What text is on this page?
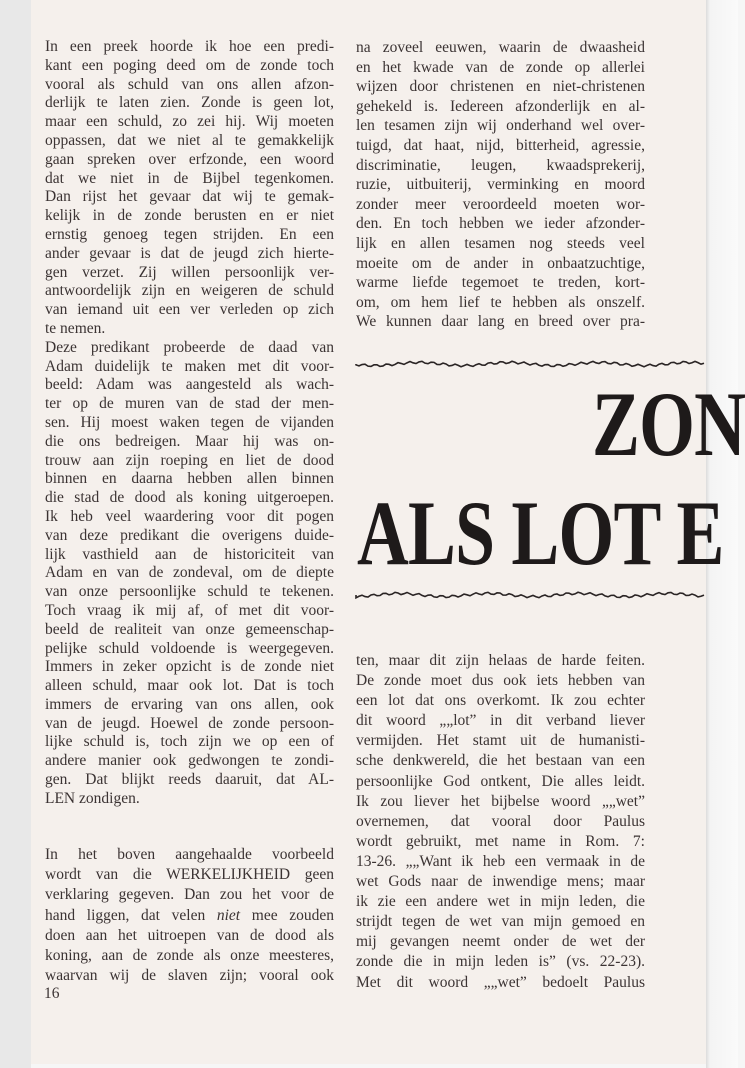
In een preek hoorde ik hoe een predi-
kant een poging deed om de zonde toch
vooral als schuld van ons allen afzon-
derlijk te laten zien. Zonde is geen lot,
maar een schuld, zo zei hij. Wij moeten
oppassen, dat we niet al te gemakkelijk
gaan spreken over erfzonde, een woord
dat we niet in de Bijbel tegenkomen.
Dan rijst het gevaar dat wij te gemak-
kelijk in de zonde berusten en er niet
ernstig genoeg tegen strijden. En een
ander gevaar is dat de jeugd zich hierte-
gen verzet. Zij willen persoonlijk ver-
antwoordelijk zijn en weigeren de schuld
van iemand uit een ver verleden op zich
te nemen.
Deze predikant probeerde de daad van
Adam duidelijk te maken met dit voor-
beeld: Adam was aangesteld als wach-
ter op de muren van de stad der men-
sen. Hij moest waken tegen de vijanden
die ons bedreigen. Maar hij was on-
trouw aan zijn roeping en liet de dood
binnen en daarna hebben allen binnen
die stad de dood als koning uitgeroepen.
Ik heb veel waardering voor dit pogen
van deze predikant die overigens duide-
lijk vasthield aan de historiciteit van
Adam en van de zondeval, om de diepte
van onze persoonlijke schuld te tekenen.
Toch vraag ik mij af, of met dit voor-
beeld de realiteit van onze gemeenschap-
pelijke schuld voldoende is weergegeven.
Immers in zeker opzicht is de zonde niet
alleen schuld, maar ook lot. Dat is toch
immers de ervaring van ons allen, ook
van de jeugd. Hoewel de zonde persoon-
lijke schuld is, toch zijn we op een of
andere manier ook gedwongen te zondi-
gen. Dat blijkt reeds daaruit, dat AL-
LEN zondigen.
In het boven aangehaalde voorbeeld
wordt van die WERKELIJKHEID geen
verklaring gegeven. Dan zou het voor de
hand liggen, dat velen niet mee zouden
doen aan het uitroepen van de dood als
koning, aan de zonde als onze meesteres,
waarvan wij de slaven zijn; vooral ook
16
na zoveel eeuwen, waarin de dwaasheid
en het kwade van de zonde op allerlei
wijzen door christenen en niet-christenen
gehekeld is. Iedereen afzonderlijk en al-
len tesamen zijn wij onderhand wel over-
tuigd, dat haat, nijd, bitterheid, agressie,
discriminatie, leugen, kwaadsprekerij,
ruzie, uitbuiterij, verminking en moord
zonder meer veroordeeld moeten wor-
den. En toch hebben we ieder afzonder-
lijk en allen tesamen nog steeds veel
moeite om de ander in onbaatzuchtige,
warme liefde tegemoet te treden, kort-
om, om hem lief te hebben als onszelf.
We kunnen daar lang en breed over pra-
ZON
ALS LOT E
ten, maar dit zijn helaas de harde feiten.
De zonde moet dus ook iets hebben van
een lot dat ons overkomt. Ik zou echter
dit woord „„lot” in dit verband liever
vermijden. Het stamt uit de humanisti-
sche denkwereld, die het bestaan van een
persoonlijke God ontkent, Die alles leidt.
Ik zou liever het bijbelse woord „„wet”
overnemen, dat vooral door Paulus
wordt gebruikt, met name in Rom. 7:
13-26. „„Want ik heb een vermaak in de
wet Gods naar de inwendige mens; maar
ik zie een andere wet in mijn leden, die
strijdt tegen de wet van mijn gemoed en
mij gevangen neemt onder de wet der
zonde die in mijn leden is” (vs. 22-23).
Met dit woord „„wet” bedoelt Paulus
